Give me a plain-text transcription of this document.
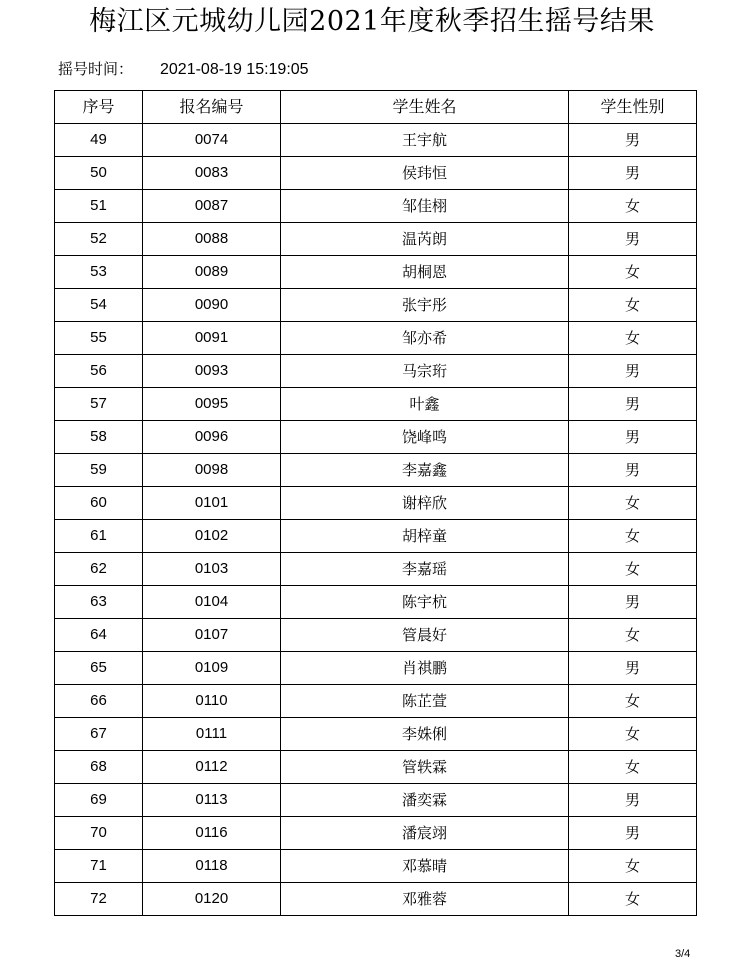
梅江区元城幼儿园2021年度秋季招生摇号结果
摇号时间： 2021-08-19 15:19:05
序号	报名编号	学生姓名	学生性别
49	0074	王宇航	男
50	0083	侯玮恒	男
51	0087	邹佳栩	女
52	0088	温芮朗	男
53	0089	胡桐恩	女
54	0090	张宇彤	女
55	0091	邹亦希	女
56	0093	马宗珩	男
57	0095	叶鑫	男
58	0096	饶峰鸣	男
59	0098	李嘉鑫	男
60	0101	谢梓欣	女
61	0102	胡梓童	女
62	0103	李嘉瑶	女
63	0104	陈宇杭	男
64	0107	管晨好	女
65	0109	肖祺鹏	男
66	0110	陈芷萱	女
67	0111	李姝俐	女
68	0112	管轶霖	女
69	0113	潘奕霖	男
70	0116	潘宸翊	男
71	0118	邓慕晴	女
72	0120	邓雅蓉	女
3/4
